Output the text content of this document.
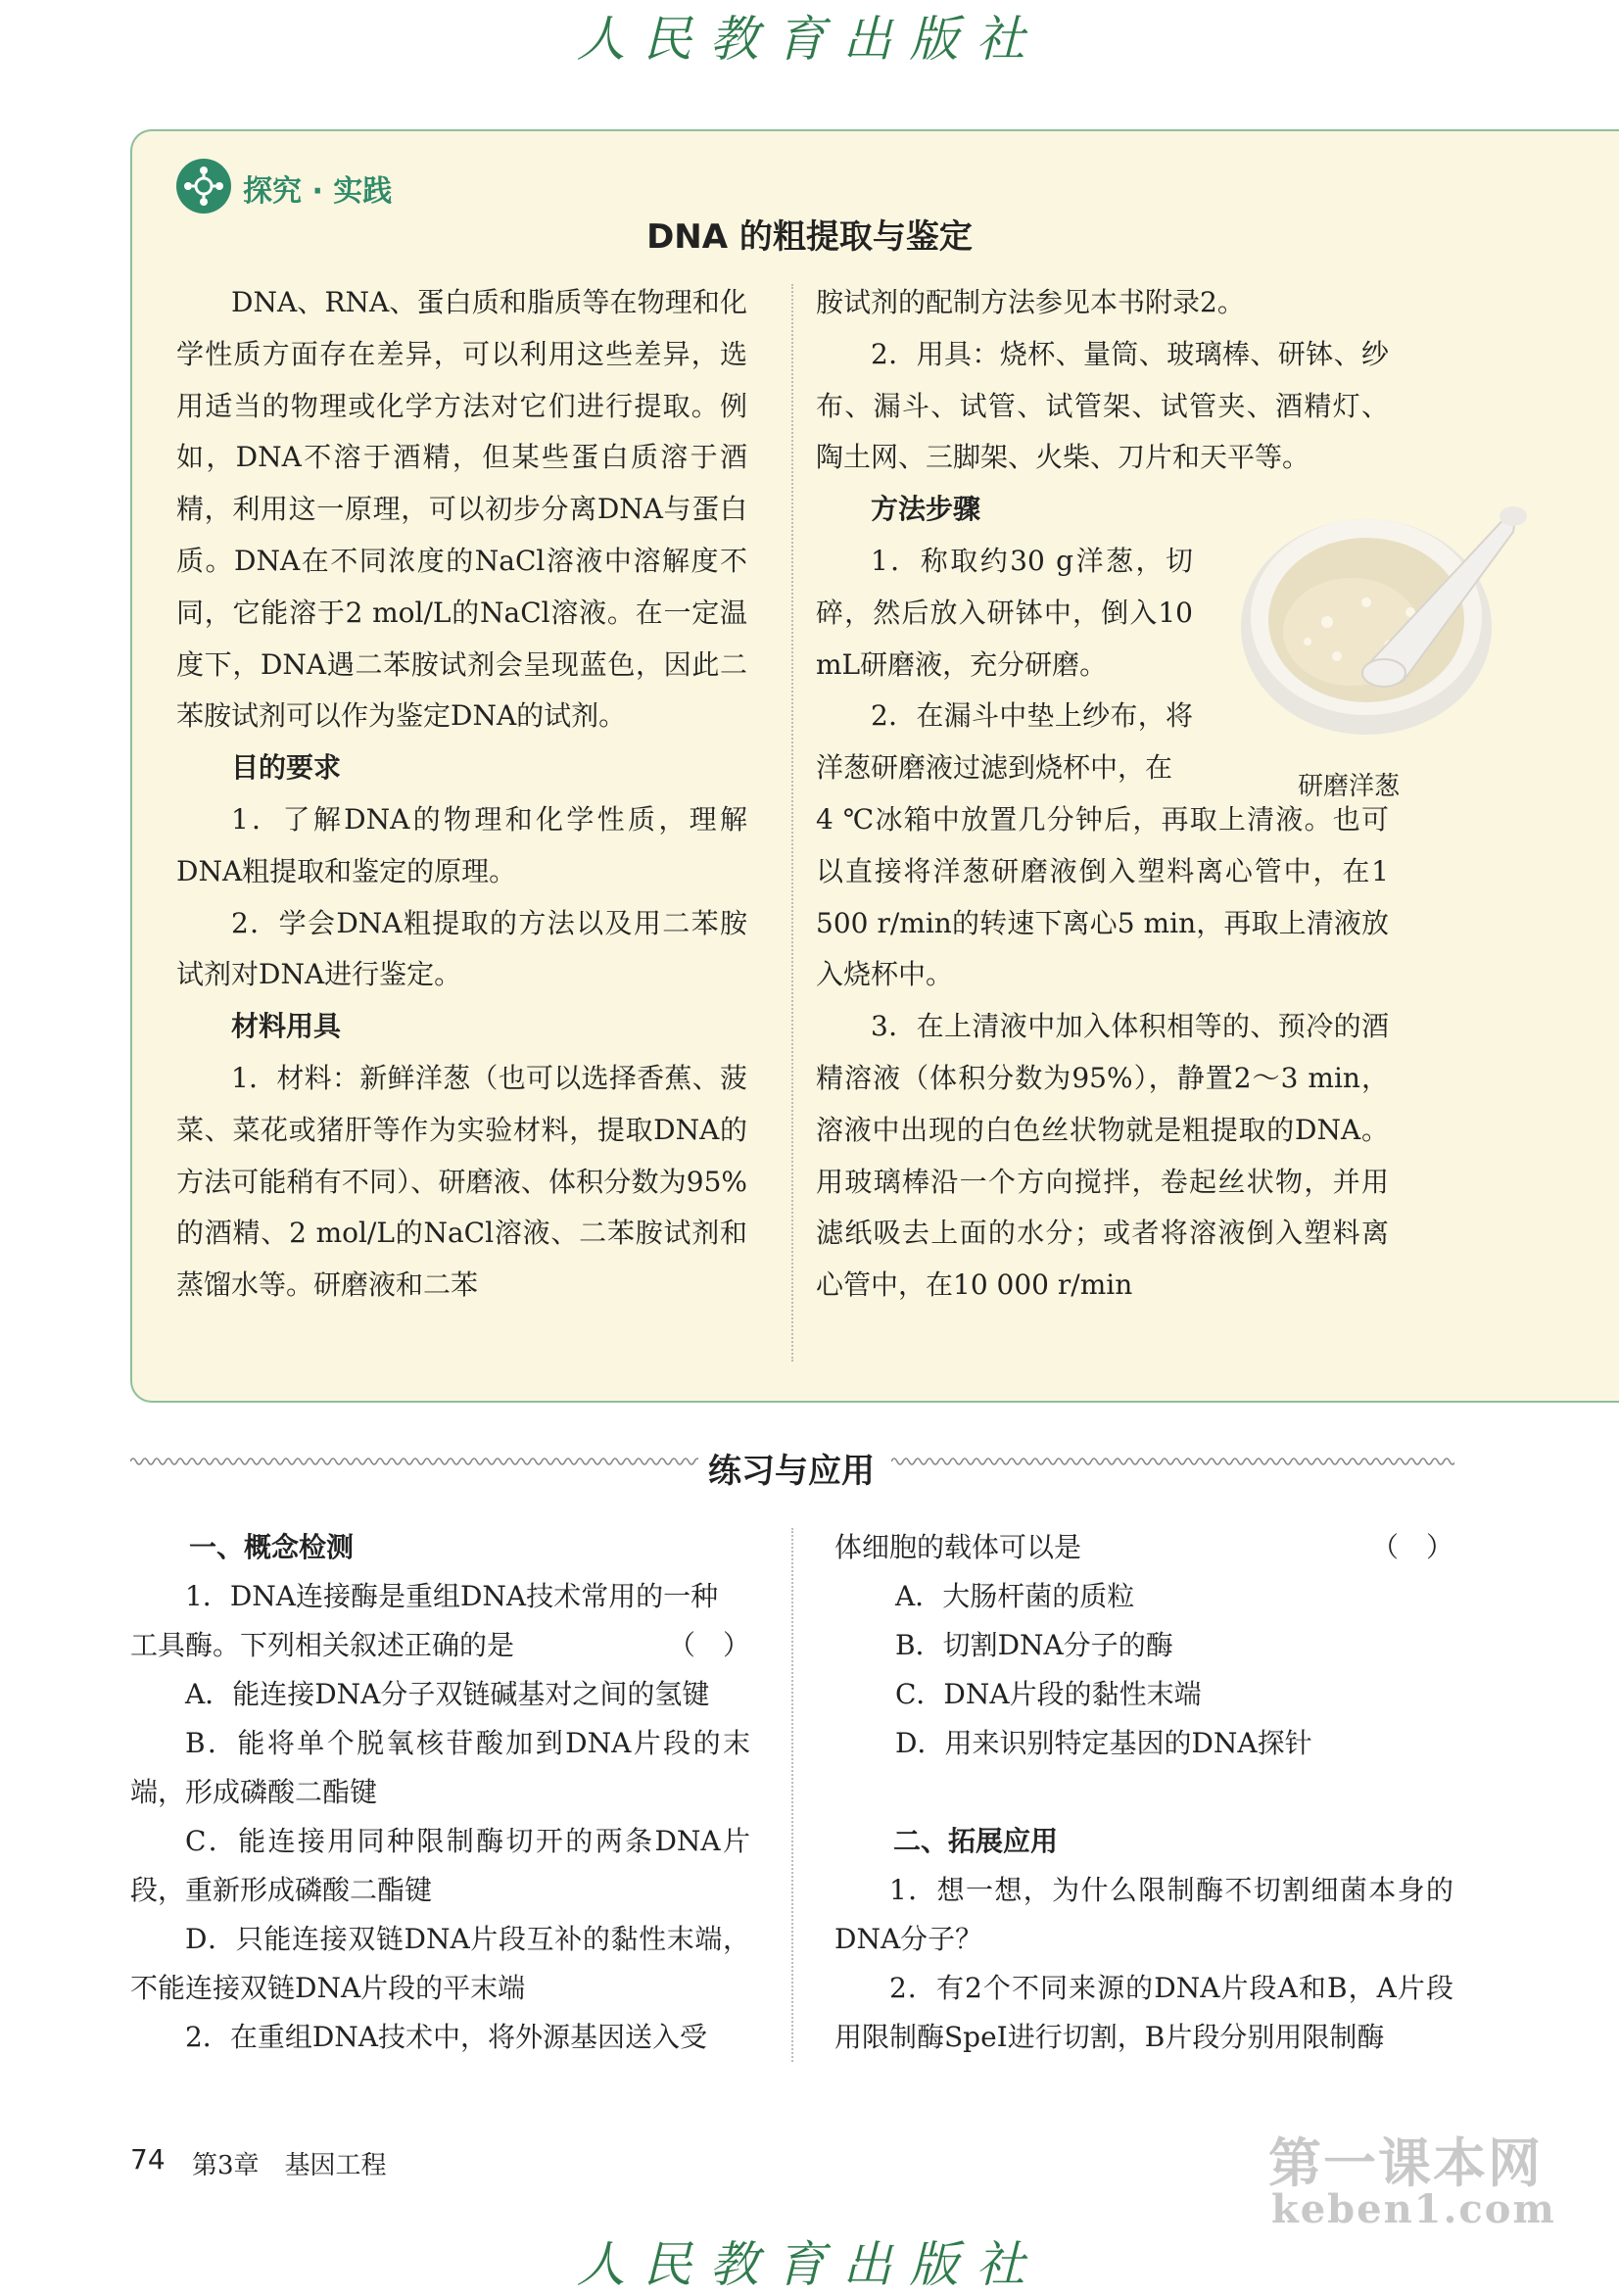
人民教育出版社
探究 · 实践
DNA 的粗提取与鉴定

DNA、RNA、蛋白质和脂质等在物理和化学性质方面存在差异，可以利用这些差异，选用适当的物理或化学方法对它们进行提取。例如，DNA不溶于酒精，但某些蛋白质溶于酒精，利用这一原理，可以初步分离DNA与蛋白质。DNA在不同浓度的NaCl溶液中溶解度不同，它能溶于2 mol/L的NaCl溶液。在一定温度下，DNA遇二苯胺试剂会呈现蓝色，因此二苯胺试剂可以作为鉴定DNA的试剂。

目的要求

1．了解DNA的物理和化学性质，理解DNA粗提取和鉴定的原理。

2．学会DNA粗提取的方法以及用二苯胺试剂对DNA进行鉴定。

材料用具

1．材料：新鲜洋葱（也可以选择香蕉、菠菜、菜花或猪肝等作为实验材料，提取DNA的方法可能稍有不同）、研磨液、体积分数为95%的酒精、2 mol/L的NaCl溶液、二苯胺试剂和蒸馏水等。研磨液和二苯

胺试剂的配制方法参见本书附录2。

2．用具：烧杯、量筒、玻璃棒、研钵、纱布、漏斗、试管、试管架、试管夹、酒精灯、陶土网、三脚架、火柴、刀片和天平等。

方法步骤

1．称取约30 g洋葱，切碎，然后放入研钵中，倒入10 mL研磨液，充分研磨。

2．在漏斗中垫上纱布，将洋葱研磨液过滤到烧杯中，在

4 ℃冰箱中放置几分钟后，再取上清液。也可以直接将洋葱研磨液倒入塑料离心管中，在1 500 r/min的转速下离心5 min，再取上清液放入烧杯中。

3．在上清液中加入体积相等的、预冷的酒精溶液（体积分数为95%），静置2～3 min，溶液中出现的白色丝状物就是粗提取的DNA。用玻璃棒沿一个方向搅拌，卷起丝状物，并用滤纸吸去上面的水分；或者将溶液倒入塑料离心管中，在10 000 r/min

研磨洋葱
练习与应用

一、概念检测

1．DNA连接酶是重组DNA技术常用的一种

（　）
工具酶。下列相关叙述正确的是

A．能连接DNA分子双链碱基对之间的氢键

B．能将单个脱氧核苷酸加到DNA片段的末端，形成磷酸二酯键

C．能连接用同种限制酶切开的两条DNA片段，重新形成磷酸二酯键

D．只能连接双链DNA片段互补的黏性末端，不能连接双链DNA片段的平末端

2．在重组DNA技术中，将外源基因送入受

（　）
体细胞的载体可以是

A．大肠杆菌的质粒

B．切割DNA分子的酶

C．DNA片段的黏性末端

D．用来识别特定基因的DNA探针

二、拓展应用

1．想一想，为什么限制酶不切割细菌本身的DNA分子？

2．有2个不同来源的DNA片段A和B，A片段用限制酶SpeⅠ进行切割，B片段分别用限制酶

74 第3章　基因工程	第一课本网
keben1.com
人民教育出版社
